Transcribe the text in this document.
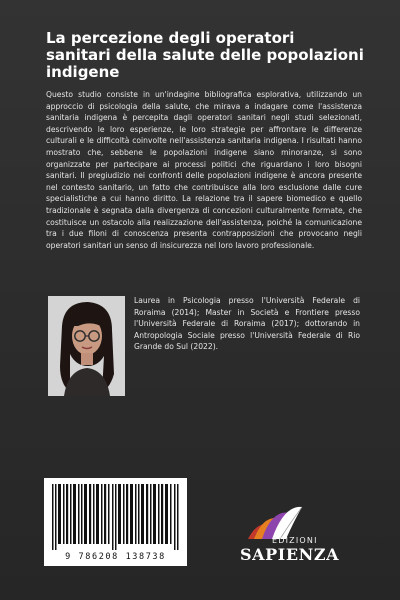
La percezione degli operatori sanitari della salute delle popolazioni indigene

Questo studio consiste in un'indagine bibliografica esplorativa, utilizzando un approccio di psicologia della salute, che mirava a indagare come l'assistenza sanitaria indigena è percepita dagli operatori sanitari negli studi selezionati, descrivendo le loro esperienze, le loro strategie per affrontare le differenze culturali e le difficoltà coinvolte nell'assistenza sanitaria indigena. I risultati hanno mostrato che, sebbene le popolazioni indigene siano minoranze, si sono organizzate per partecipare ai processi politici che riguardano i loro bisogni sanitari. Il pregiudizio nei confronti delle popolazioni indigene è ancora presente nel contesto sanitario, un fatto che contribuisce alla loro esclusione dalle cure specialistiche a cui hanno diritto. La relazione tra il sapere biomedico e quello tradizionale è segnata dalla divergenza di concezioni culturalmente formate, che costituisce un ostacolo alla realizzazione dell'assistenza, poiché la comunicazione tra i due filoni di conoscenza presenta contrapposizioni che provocano negli operatori sanitari un senso di insicurezza nel loro lavoro professionale.

Laurea in Psicologia presso l'Università Federale di Roraima (2014); Master in Società e Frontiere presso l'Università Federale di Roraima (2017); dottorando in Antropologia Sociale presso l'Università Federale di Rio Grande do Sul (2022).

9 786208 138738
EDIZIONI
SAPIENZA
